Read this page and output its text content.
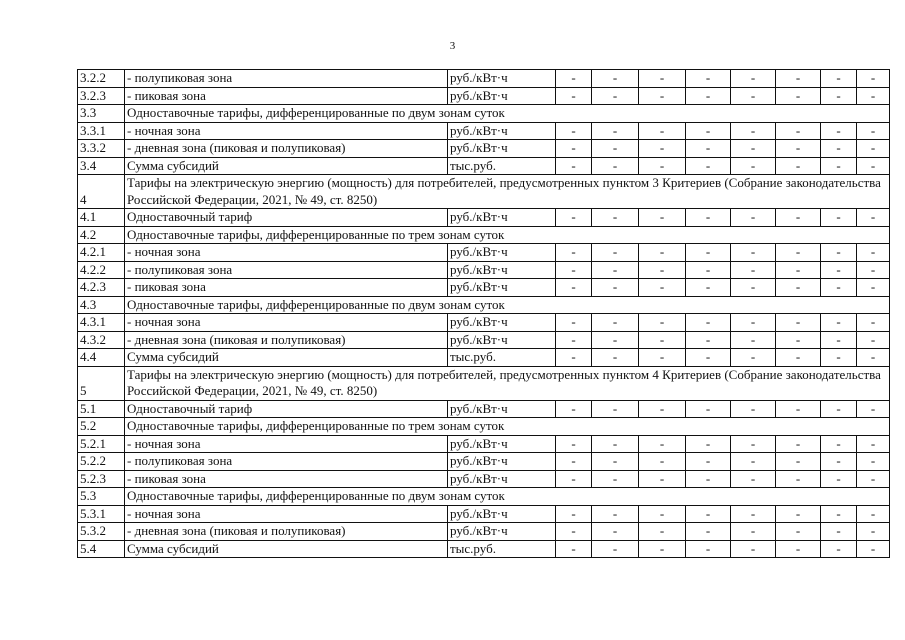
3
3.2.2	- полупиковая зона	руб./кВт·ч	-	-	-	-	-	-	-	-
3.2.3	- пиковая зона	руб./кВт·ч	-	-	-	-	-	-	-	-
3.3	Одноставочные тарифы, дифференцированные по двум зонам суток									
3.3.1	- ночная зона	руб./кВт·ч	-	-	-	-	-	-	-	-
3.3.2	- дневная зона (пиковая и полупиковая)	руб./кВт·ч	-	-	-	-	-	-	-	-
3.4	Сумма субсидий	тыс.руб.	-	-	-	-	-	-	-	-
4	Тарифы на электрическую энергию (мощность) для потребителей, предусмотренных пунктом 3 Критериев (Собрание законодательства Российской Федерации, 2021, № 49, ст. 8250)									
4.1	Одноставочный тариф	руб./кВт·ч	-	-	-	-	-	-	-	-
4.2	Одноставочные тарифы, дифференцированные по трем зонам суток									
4.2.1	- ночная зона	руб./кВт·ч	-	-	-	-	-	-	-	-
4.2.2	- полупиковая зона	руб./кВт·ч	-	-	-	-	-	-	-	-
4.2.3	- пиковая зона	руб./кВт·ч	-	-	-	-	-	-	-	-
4.3	Одноставочные тарифы, дифференцированные по двум зонам суток									
4.3.1	- ночная зона	руб./кВт·ч	-	-	-	-	-	-	-	-
4.3.2	- дневная зона (пиковая и полупиковая)	руб./кВт·ч	-	-	-	-	-	-	-	-
4.4	Сумма субсидий	тыс.руб.	-	-	-	-	-	-	-	-
5	Тарифы на электрическую энергию (мощность) для потребителей, предусмотренных пунктом 4 Критериев (Собрание законодательства Российской Федерации, 2021, № 49, ст. 8250)									
5.1	Одноставочный тариф	руб./кВт·ч	-	-	-	-	-	-	-	-
5.2	Одноставочные тарифы, дифференцированные по трем зонам суток									
5.2.1	- ночная зона	руб./кВт·ч	-	-	-	-	-	-	-	-
5.2.2	- полупиковая зона	руб./кВт·ч	-	-	-	-	-	-	-	-
5.2.3	- пиковая зона	руб./кВт·ч	-	-	-	-	-	-	-	-
5.3	Одноставочные тарифы, дифференцированные по двум зонам суток									
5.3.1	- ночная зона	руб./кВт·ч	-	-	-	-	-	-	-	-
5.3.2	- дневная зона (пиковая и полупиковая)	руб./кВт·ч	-	-	-	-	-	-	-	-
5.4	Сумма субсидий	тыс.руб.	-	-	-	-	-	-	-	-
